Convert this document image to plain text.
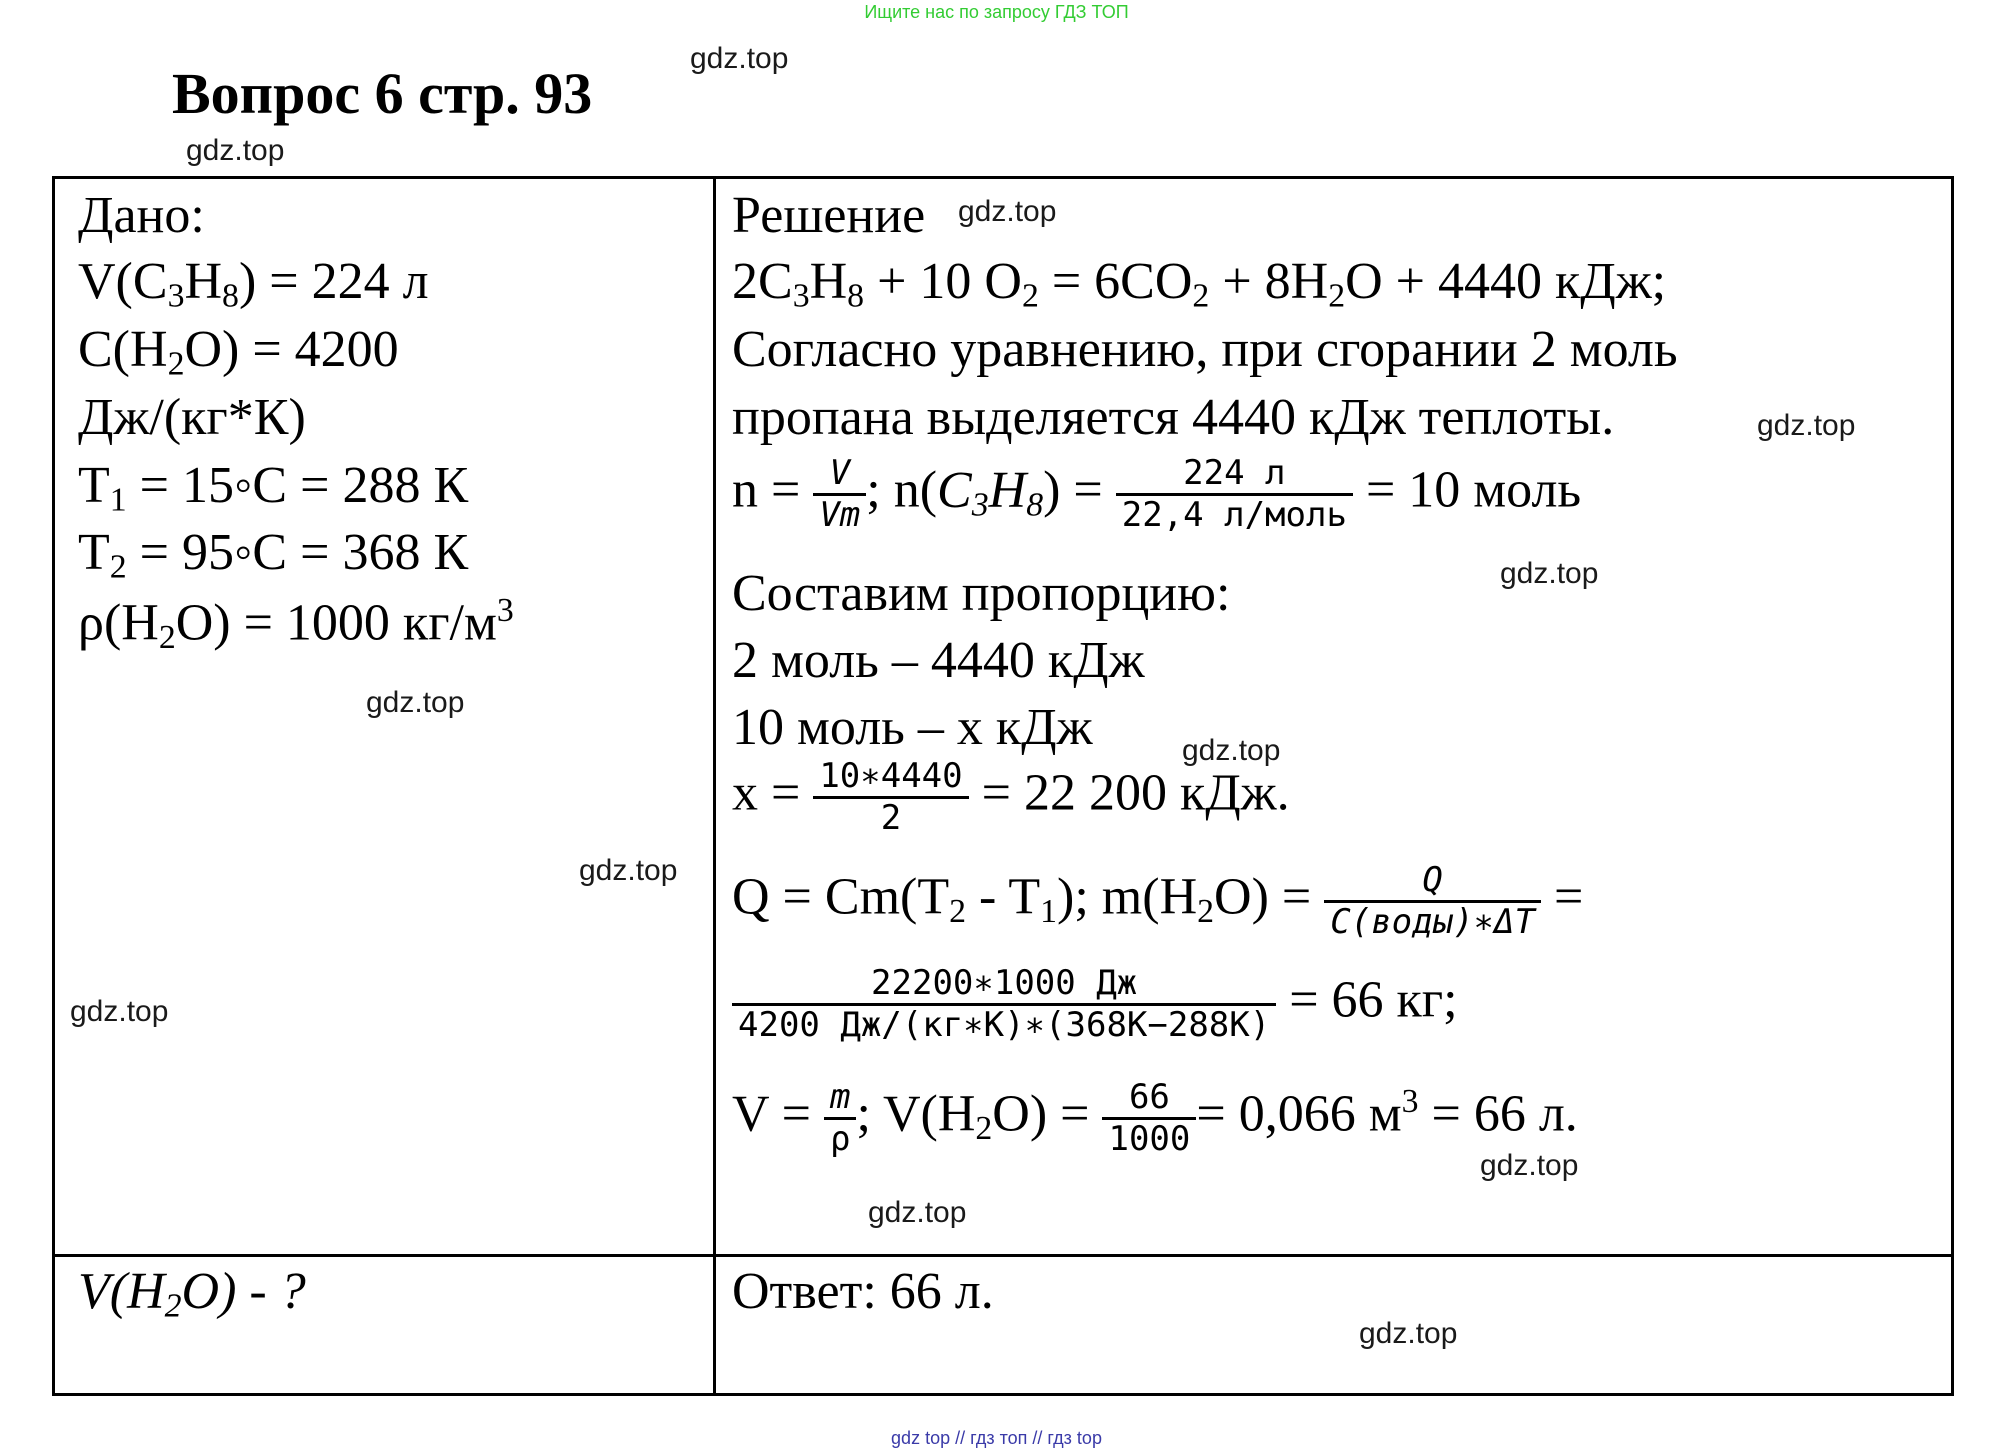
Ищите нас по запросу ГДЗ ТОП
Вопрос 6 стр. 93
Дано:
$V(C_3H_8) = 224$ л
$C(H_2O) = 4200$
Дж/(кг*К)
$T_1$ = 15◦С = 288 К
$T_2$ = 95◦С = 368 К
$\rho(H_2O) = 1000$ $кг/м^3$
$V(H_2O)$ - ?
Решение
$2C_3H_8 + 10$ $O_2 = 6CO_2 + 8H_2O + 4440$ кДж;
Согласно уравнению, при сгорании 2 моль
пропана выделяется 4440 кДж теплоты.
$n = \frac{V}{Vm}$ ; $n(C_3H_8) = \frac{224 л}{\text{22,4 л/моль}} = 10$ моль
Составим пропорцию:
2 моль – 4440 кДж
10 моль – x кДж
$x = \frac{10∗4440}{2} = 22$ 200 кДж.
$Q = Cm(T_2 - T_1)$; $m(H_2O) = \frac{Q}{\text{C(воды)∗ΔT}}$ =
$\frac{22200∗1000 Дж}{4200 Дж/(кг∗К)∗(368К-288К)} = 66$ кг;
$V = \frac{m}{\rho}$ ; $V(H_2O) = \frac{66}{1000} = 0,066$ $м^3 = 66$ л.
Ответ: 66 л.
gdz.top
gdz.top
gdz.top
gdz.top
gdz.top
gdz.top
gdz.top
gdz.top
gdz.top
gdz.top
gdz.top
gdz.top
gdz top // гдз топ // гдз top
